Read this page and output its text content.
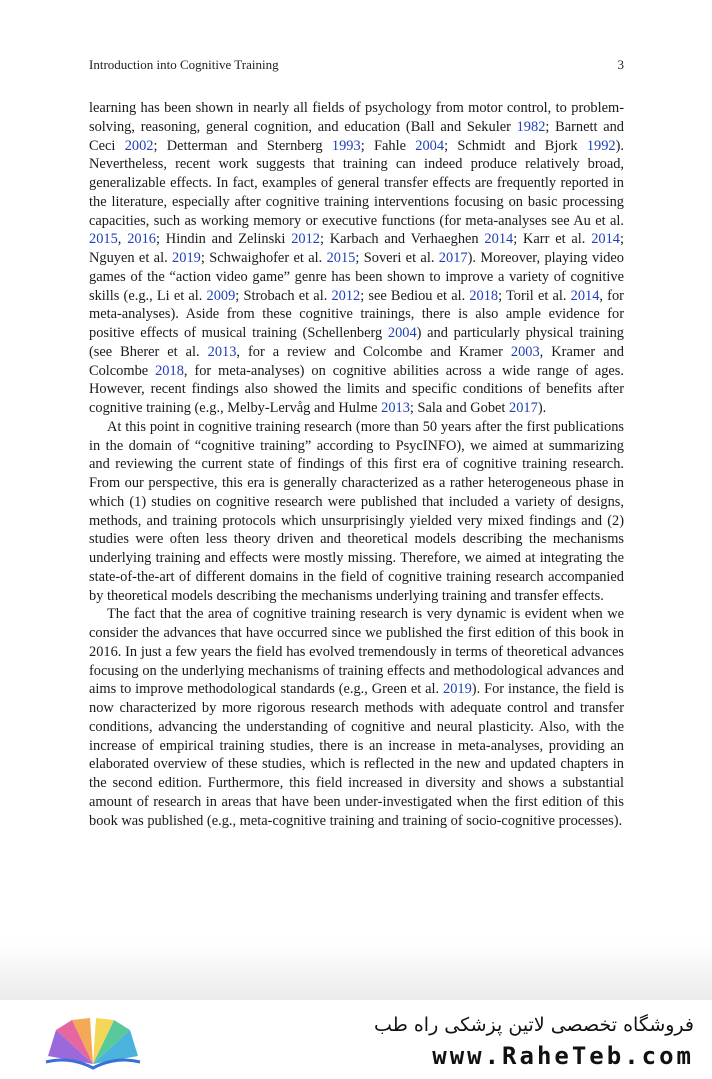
Introduction into Cognitive Training	3

learning has been shown in nearly all fields of psychology from motor control, to problem-solving, reasoning, general cognition, and education (Ball and Sekuler 1982; Barnett and Ceci 2002; Detterman and Sternberg 1993; Fahle 2004; Schmidt and Bjork 1992). Nevertheless, recent work suggests that training can indeed produce relatively broad, generalizable effects. In fact, examples of general transfer effects are frequently reported in the literature, especially after cognitive training interventions focusing on basic processing capacities, such as working memory or executive functions (for meta-analyses see Au et al. 2015, 2016; Hindin and Zelinski 2012; Karbach and Verhaeghen 2014; Karr et al. 2014; Nguyen et al. 2019; Schwaighofer et al. 2015; Soveri et al. 2017). Moreover, playing video games of the “action video game” genre has been shown to improve a variety of cognitive skills (e.g., Li et al. 2009; Strobach et al. 2012; see Bediou et al. 2018; Toril et al. 2014, for meta-analyses). Aside from these cognitive trainings, there is also ample evidence for positive effects of musical training (Schellenberg 2004) and particularly physical training (see Bherer et al. 2013, for a review and Colcombe and Kramer 2003, Kramer and Colcombe 2018, for meta-analyses) on cognitive abilities across a wide range of ages. However, recent findings also showed the limits and specific conditions of benefits after cognitive training (e.g., Melby-Lervåg and Hulme 2013; Sala and Gobet 2017).

At this point in cognitive training research (more than 50 years after the first publications in the domain of “cognitive training” according to PsycINFO), we aimed at summarizing and reviewing the current state of findings of this first era of cognitive training research. From our perspective, this era is generally characterized as a rather heterogeneous phase in which (1) studies on cognitive research were published that included a variety of designs, methods, and training protocols which unsurprisingly yielded very mixed findings and (2) studies were often less theory driven and theoretical models describing the mechanisms underlying training and effects were mostly missing. Therefore, we aimed at integrating the state-of-the-art of different domains in the field of cognitive training research accompanied by theoretical models describing the mechanisms underlying training and transfer effects.

The fact that the area of cognitive training research is very dynamic is evident when we consider the advances that have occurred since we published the first edition of this book in 2016. In just a few years the field has evolved tremendously in terms of theoretical advances focusing on the underlying mechanisms of training effects and methodological advances and aims to improve methodological standards (e.g., Green et al. 2019). For instance, the field is now characterized by more rigorous research methods with adequate control and transfer conditions, advancing the understanding of cognitive and neural plasticity. Also, with the increase of empirical training studies, there is an increase in meta-analyses, providing an elaborated overview of these studies, which is reflected in the new and updated chapters in the second edition. Furthermore, this field increased in diversity and shows a substantial amount of research in areas that have been under-investigated when the first edition of this book was published (e.g., meta-cognitive training and training of socio-cognitive processes).

فروشگاه تخصصی لاتین پزشکی راه طب
www.RaheTeb.com
